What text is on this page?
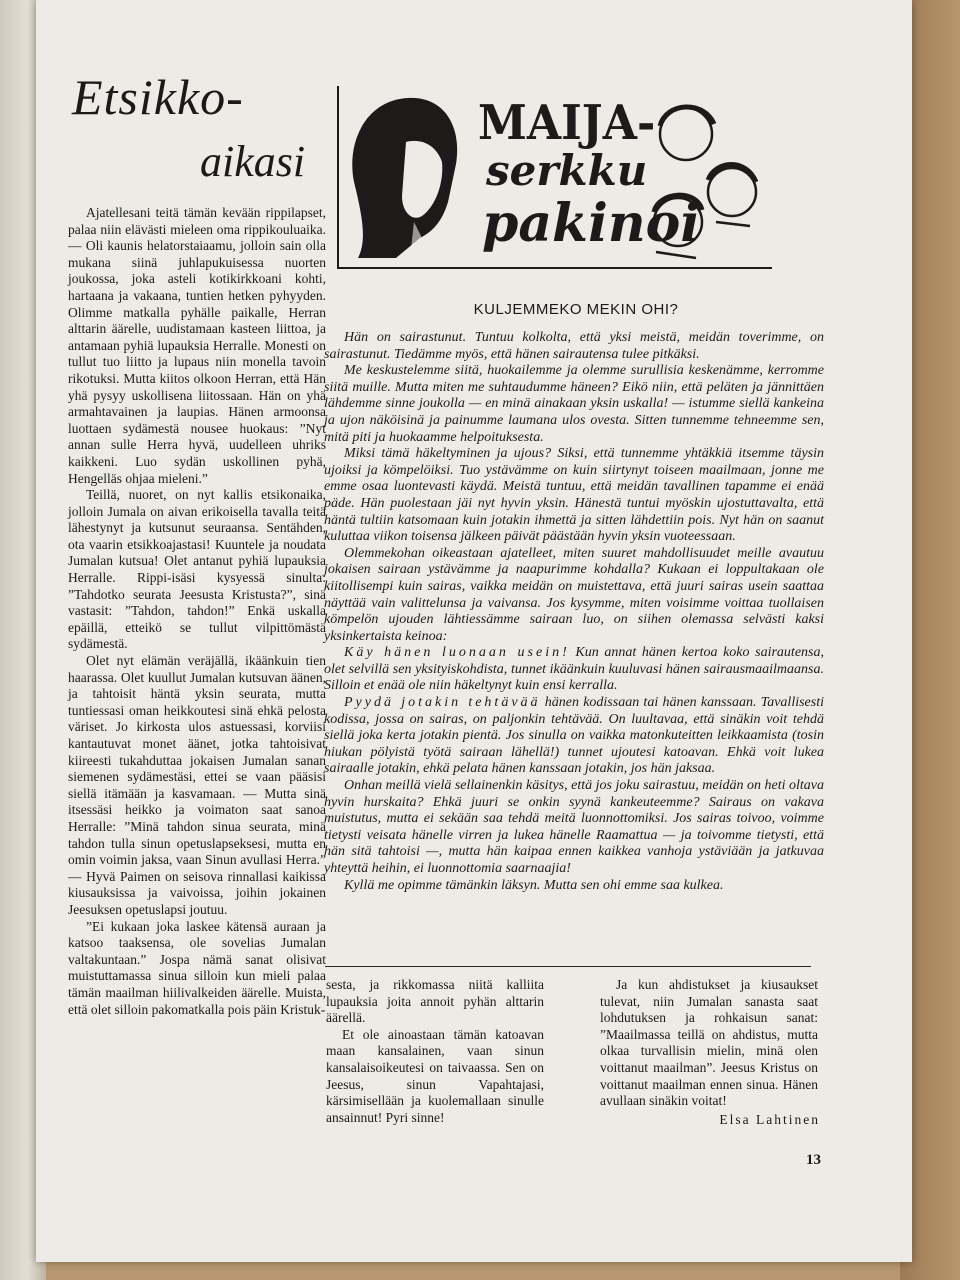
Etsikko-
aikasi

Ajatellesani teitä tämän kevään rippilapset, palaa niin elävästi mieleen oma rippikouluaika. — Oli kaunis helatorstaiaamu, jolloin sain olla mukana siinä juhlapukuisessa nuorten joukossa, joka asteli kotikirkkoani kohti, hartaana ja vakaana, tuntien hetken pyhyyden. Olimme matkalla pyhälle paikalle, Herran alttarin äärelle, uudistamaan kasteen liittoa, ja antamaan pyhiä lupauksia Herralle. Monesti on tullut tuo liitto ja lupaus niin monella tavoin rikotuksi. Mutta kiitos olkoon Herran, että Hän yhä pysyy uskollisena liitossaan. Hän on yhä armahtavainen ja laupias. Hänen armoonsa luottaen sydämestä nousee huokaus: ”Nyt annan sulle Herra hyvä, uudelleen uhriks kaikkeni. Luo sydän uskollinen pyhä, Hengelläs ohjaa mieleni.”

Teillä, nuoret, on nyt kallis etsikonaika, jolloin Jumala on aivan erikoisella tavalla teitä lähestynyt ja kutsunut seuraansa. Sentähden, ota vaarin etsikkoajastasi! Kuuntele ja noudata Jumalan kutsua! Olet antanut pyhiä lupauksia Herralle. Rippi-isäsi kysyessä sinulta: ”Tahdotko seurata Jeesusta Kristusta?”, sinä vastasit: ”Tahdon, tahdon!” Enkä uskalla epäillä, etteikö se tullut vilpittömästä sydämestä.

Olet nyt elämän veräjällä, ikäänkuin tien haarassa. Olet kuullut Jumalan kutsuvan äänen, ja tahtoisit häntä yksin seurata, mutta tuntiessasi oman heikkoutesi sinä ehkä pelosta väriset. Jo kirkosta ulos astuessasi, korviisi kantautuvat monet äänet, jotka tahtoisivat kiireesti tukahduttaa jokaisen Jumalan sanan siemenen sydämestäsi, ettei se vaan pääsisi siellä itämään ja kasvamaan. — Mutta sinä itsessäsi heikko ja voimaton saat sanoa Herralle: ”Minä tahdon sinua seurata, minä tahdon tulla sinun opetuslapseksesi, mutta en omin voimin jaksa, vaan Sinun avullasi Herra.” — Hyvä Paimen on seisova rinnallasi kaikissa kiusauksissa ja vaivoissa, joihin jokainen Jeesuksen opetuslapsi joutuu.

”Ei kukaan joka laskee kätensä auraan ja katsoo taaksensa, ole sovelias Jumalan valtakuntaan.” Jospa nämä sanat olisivat muistuttamassa sinua silloin kun mieli palaa tämän maailman hiilivalkeiden äärelle. Muista, että olet silloin pakomatkalla pois päin Kristuk-

MAIJA-
serkku
pakinoi
KULJEMMEKO MEKIN OHI?

Hän on sairastunut. Tuntuu kolkolta, että yksi meistä, meidän toverimme, on sairastunut. Tiedämme myös, että hänen sairautensa tulee pitkäksi.

Me keskustelemme siitä, huokailemme ja olemme surullisia keskenämme, kerromme siitä muille. Mutta miten me suhtaudumme häneen? Eikö niin, että peläten ja jännittäen lähdemme sinne joukolla — en minä ainakaan yksin uskalla! — istumme siellä kankeina ja ujon näköisinä ja painumme laumana ulos ovesta. Sitten tunnemme tehneemme sen, mitä piti ja huokaamme helpoituksesta.

Miksi tämä häkeltyminen ja ujous? Siksi, että tunnemme yhtäkkiä itsemme täysin ujoiksi ja kömpelöiksi. Tuo ystävämme on kuin siirtynyt toiseen maailmaan, jonne me emme osaa luontevasti käydä. Meistä tuntuu, että meidän tavallinen tapamme ei enää päde. Hän puolestaan jäi nyt hyvin yksin. Hänestä tuntui myöskin ujostuttavalta, että häntä tultiin katsomaan kuin jotakin ihmettä ja sitten lähdettiin pois. Nyt hän on saanut kuluttaa viikon toisensa jälkeen päivät päästään hyvin yksin vuoteessaan.

Olemmekohan oikeastaan ajatelleet, miten suuret mahdollisuudet meille avautuu jokaisen sairaan ystävämme ja naapurimme kohdalla? Kukaan ei loppultakaan ole kiitollisempi kuin sairas, vaikka meidän on muistettava, että juuri sairas usein saattaa näyttää vain valittelunsa ja vaivansa. Jos kysymme, miten voisimme voittaa tuollaisen kömpelön ujouden lähtiessämme sairaan luo, on siihen olemassa selvästi kaksi yksinkertaista keinoa:

Käy hänen luonaan usein! Kun annat hänen kertoa koko sairautensa, olet selvillä sen yksityiskohdista, tunnet ikäänkuin kuuluvasi hänen sairausmaailmaansa. Silloin et enää ole niin häkeltynyt kuin ensi kerralla.

Pyydä jotakin tehtävää hänen kodissaan tai hänen kanssaan. Tavallisesti kodissa, jossa on sairas, on paljonkin tehtävää. On luultavaa, että sinäkin voit tehdä siellä joka kerta jotakin pientä. Jos sinulla on vaikka matonkuteitten leikkaamista (tosin hiukan pölyistä työtä sairaan lähellä!) tunnet ujoutesi katoavan. Ehkä voit lukea sairaalle jotakin, ehkä pelata hänen kanssaan jotakin, jos hän jaksaa.

Onhan meillä vielä sellainenkin käsitys, että jos joku sairastuu, meidän on heti oltava hyvin hurskaita? Ehkä juuri se onkin syynä kankeuteemme? Sairaus on vakava muistutus, mutta ei sekään saa tehdä meitä luonnottomiksi. Jos sairas toivoo, voimme tietysti veisata hänelle virren ja lukea hänelle Raamattua — ja toivomme tietysti, että hän sitä tahtoisi —, mutta hän kaipaa ennen kaikkea vanhoja ystäviään ja jatkuvaa yhteyttä heihin, ei luonnottomia saarnaajia!

Kyllä me opimme tämänkin läksyn. Mutta sen ohi emme saa kulkea.

sesta, ja rikkomassa niitä kalliita lupauksia joita annoit pyhän alttarin äärellä.

Et ole ainoastaan tämän katoavan maan kansalainen, vaan sinun kansalaisoikeutesi on taivaassa. Sen on Jeesus, sinun Vapahtajasi, kärsimisellään ja kuolemallaan sinulle ansainnut! Pyri sinne!

Ja kun ahdistukset ja kiusaukset tulevat, niin Jumalan sanasta saat lohdutuksen ja rohkaisun sanat: ”Maailmassa teillä on ahdistus, mutta olkaa turvallisin mielin, minä olen voittanut maailman”. Jeesus Kristus on voittanut maailman ennen sinua. Hänen avullaan sinäkin voitat!

Elsa Lahtinen
13
